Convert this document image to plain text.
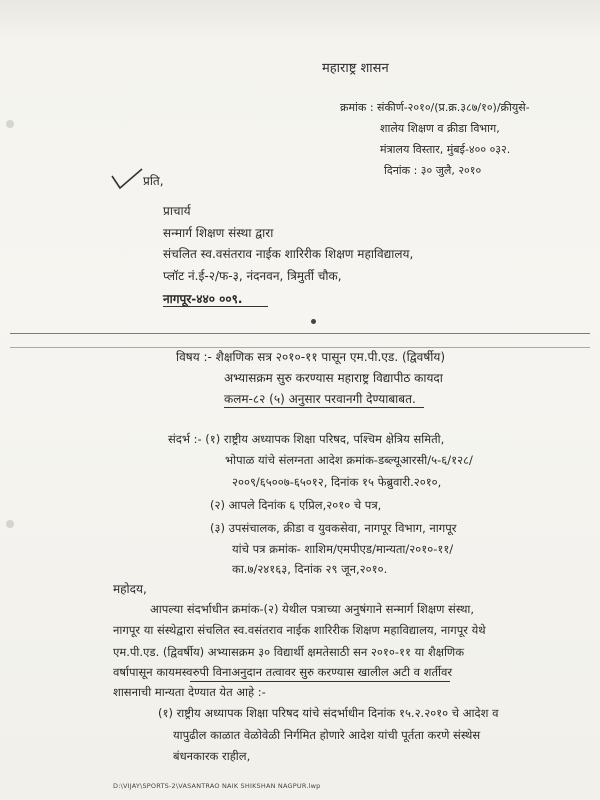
महाराष्ट्र शासन
क्रमांक : संकीर्ण-२०१०/(प्र.क्र.३८७/१०)/क्रीयुसे-
शालेय शिक्षण व क्रीडा विभाग,
मंत्रालय विस्तार, मुंबई-४०० ०३२.
दिनांक : ३० जुलै, २०१०
प्रति,
प्राचार्य
सन्मार्ग शिक्षण संस्था द्वारा
संचलित स्व.वसंतराव नाईक शारिरीक शिक्षण महाविद्यालय,
प्लॉट नं.ई-२/फ-३, नंदनवन, त्रिमुर्ती चौक,
नागपूर-४४० ००९.
विषय :- शैक्षणिक सत्र २०१०-११ पासून एम.पी.एड. (द्विवर्षीय)
अभ्यासक्रम सुरु करण्यास महाराष्ट्र विद्यापीठ कायदा
कलम-८२ (५) अनुसार परवानगी देण्याबाबत.
संदर्भ :- (१) राष्ट्रीय अध्यापक शिक्षा परिषद, पश्चिम क्षेत्रिय समिती,
भोपाळ यांचे संलग्नता आदेश क्रमांक-डब्ल्यूआरसी/५-६/१२८/
२००९/६५००७-६५०१२, दिनांक १५ फेब्रुवारी.२०१०,
(२) आपले दिनांक ६ एप्रिल,२०१० चे पत्र,
(३) उपसंचालक, क्रीडा व युवकसेवा, नागपूर विभाग, नागपूर
यांचे पत्र क्रमांक- शाशिम/एमपीएड/मान्यता/२०१०-११/
का.७/२४१६३, दिनांक २९ जून,२०१०.
महोदय,
आपल्या संदर्भाधीन क्रमांक-(२) येथील पत्राच्या अनुषंगाने सन्मार्ग शिक्षण संस्था,
नागपूर या संस्थेद्वारा संचलित स्व.वसंतराव नाईक शारिरीक शिक्षण महाविद्यालय, नागपूर येथे
एम.पी.एड. (द्विवर्षीय) अभ्यासक्रम ३० विद्यार्थी क्षमतेसाठी सन २०१०-११ या शैक्षणिक
वर्षापासून कायमस्वरुपी विनाअनुदान तत्वावर सुरु करण्यास खालील अटी व शर्तीवर
शासनाची मान्यता देण्यात येत आहे :-
(१) राष्ट्रीय अध्यापक शिक्षा परिषद यांचे संदर्भाधीन दिनांक १५.२.२०१० चे आदेश व
यापुढील काळात वेळोवेळी निर्गमित होणारे आदेश यांची पूर्तता करणे संस्थेस
बंधनकारक राहील,
D:\VIJAY\SPORTS-2\VASANTRAO NAIK SHIKSHAN NAGPUR.lwp
